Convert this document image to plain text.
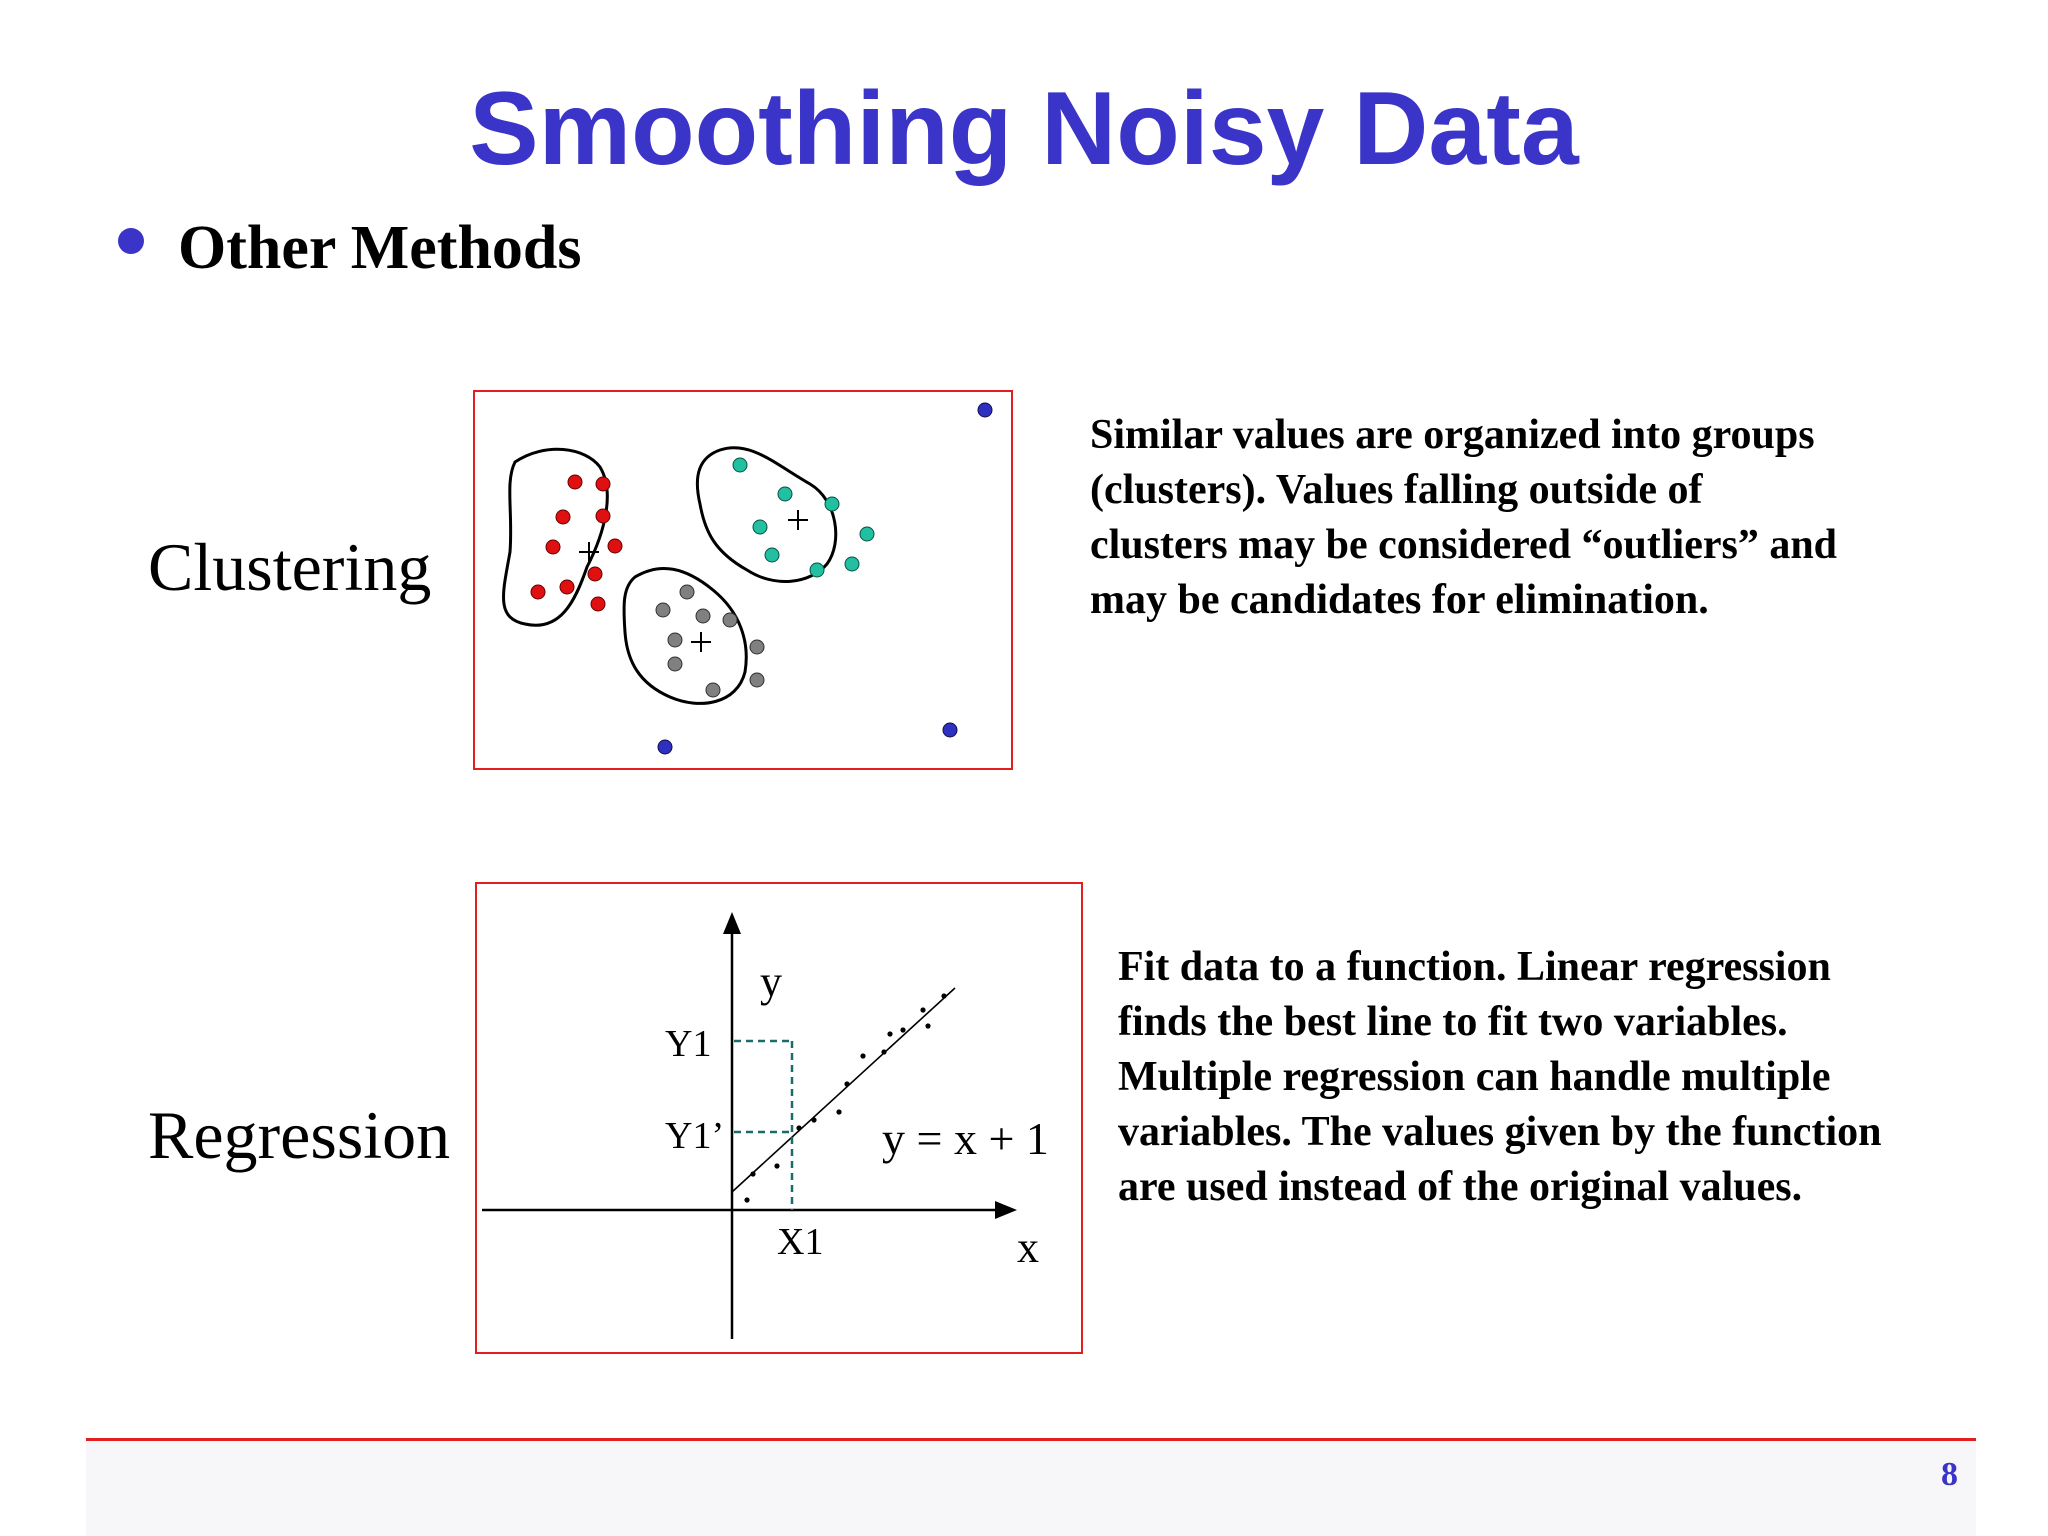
Smoothing Noisy Data
Other Methods
Clustering
Similar values are organized into groups (clusters). Values falling outside of clusters may be considered “outliers” and may be candidates for elimination.
Regression
y
x
Y1
Y1’
X1
y = x + 1
Fit data to a function. Linear regression finds the best line to fit two variables. Multiple regression can handle multiple variables. The values given by the function are used instead of the original values.
8
